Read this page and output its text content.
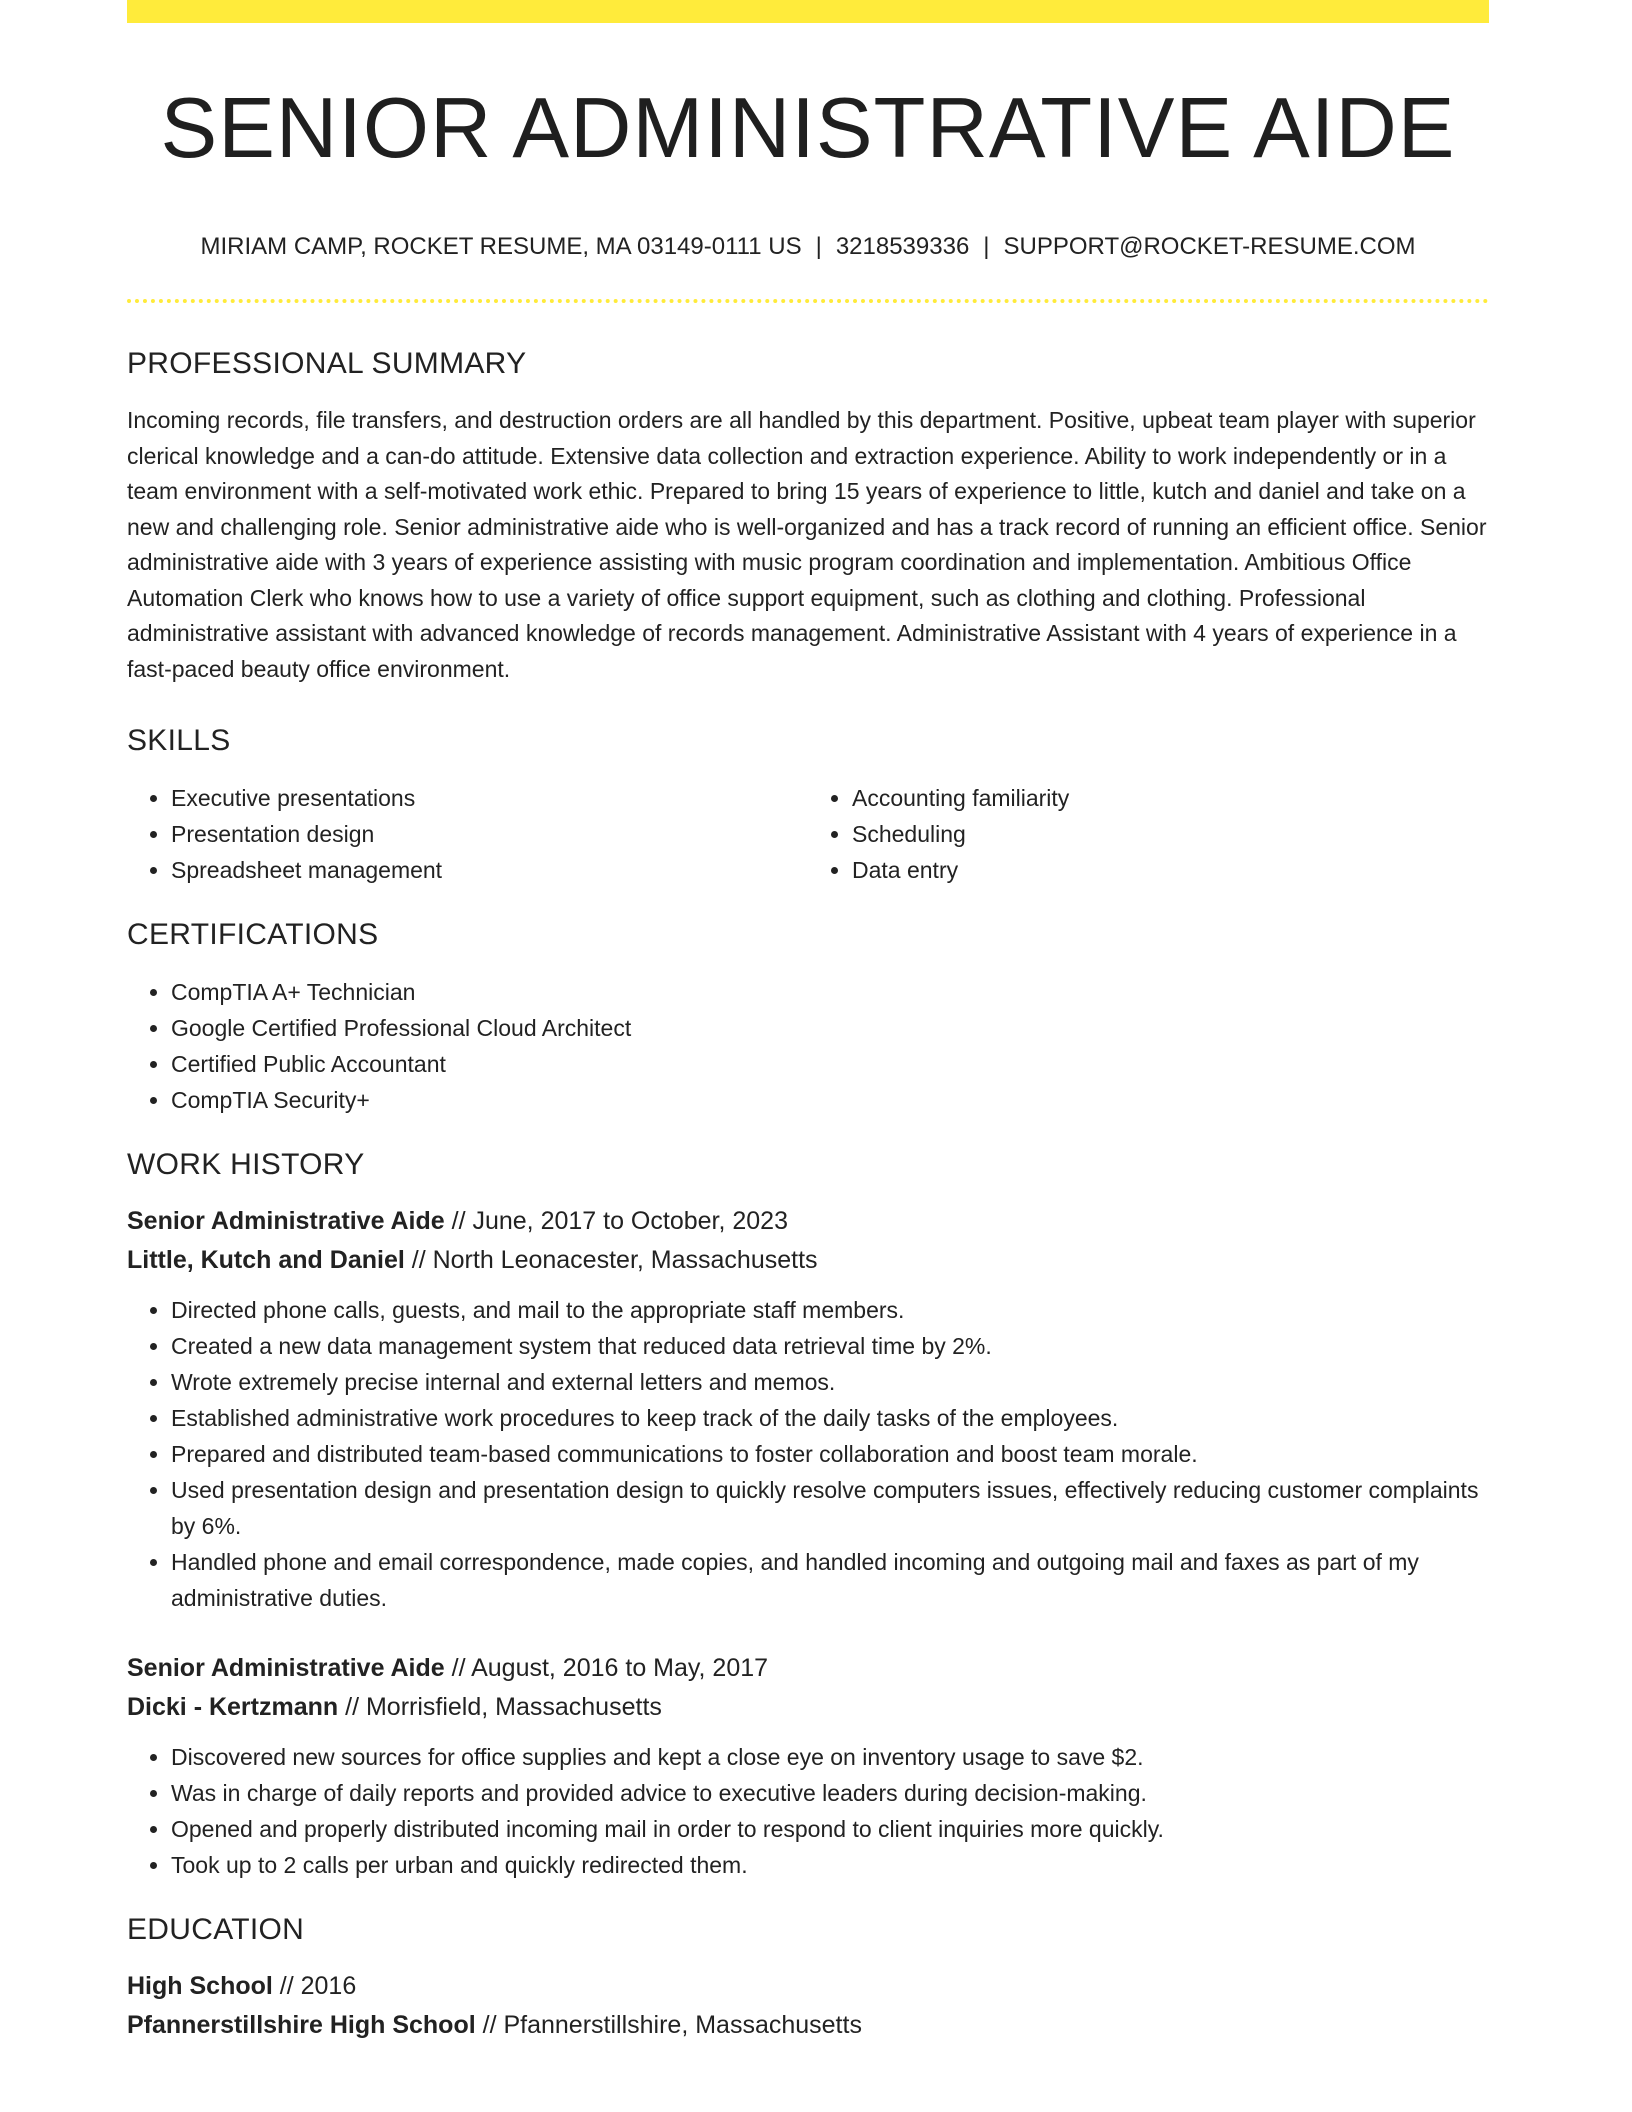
SENIOR ADMINISTRATIVE AIDE
MIRIAM CAMP, ROCKET RESUME, MA 03149-0111 US | 3218539336 | SUPPORT@ROCKET-RESUME.COM
PROFESSIONAL SUMMARY

Incoming records, file transfers, and destruction orders are all handled by this department. Positive, upbeat team player with superior clerical knowledge and a can-do attitude. Extensive data collection and extraction experience. Ability to work independently or in a team environment with a self-motivated work ethic. Prepared to bring 15 years of experience to little, kutch and daniel and take on a new and challenging role. Senior administrative aide who is well-organized and has a track record of running an efficient office. Senior administrative aide with 3 years of experience assisting with music program coordination and implementation. Ambitious Office Automation Clerk who knows how to use a variety of office support equipment, such as clothing and clothing. Professional administrative assistant with advanced knowledge of records management. Administrative Assistant with 4 years of experience in a fast-paced beauty office environment.

SKILLS
• Executive presentations
• Presentation design
• Spreadsheet management
• Accounting familiarity
• Scheduling
• Data entry
CERTIFICATIONS
• CompTIA A+ Technician
• Google Certified Professional Cloud Architect
• Certified Public Accountant
• CompTIA Security+
WORK HISTORY

Senior Administrative Aide // June, 2017 to October, 2023

Little, Kutch and Daniel // North Leonacester, Massachusetts

• Directed phone calls, guests, and mail to the appropriate staff members.
• Created a new data management system that reduced data retrieval time by 2%.
• Wrote extremely precise internal and external letters and memos.
• Established administrative work procedures to keep track of the daily tasks of the employees.
• Prepared and distributed team-based communications to foster collaboration and boost team morale.
• Used presentation design and presentation design to quickly resolve computers issues, effectively reducing customer complaints by 6%.
• Handled phone and email correspondence, made copies, and handled incoming and outgoing mail and faxes as part of my administrative duties.

Senior Administrative Aide // August, 2016 to May, 2017

Dicki - Kertzmann // Morrisfield, Massachusetts

• Discovered new sources for office supplies and kept a close eye on inventory usage to save $2.
• Was in charge of daily reports and provided advice to executive leaders during decision-making.
• Opened and properly distributed incoming mail in order to respond to client inquiries more quickly.
• Took up to 2 calls per urban and quickly redirected them.
EDUCATION

High School // 2016

Pfannerstillshire High School // Pfannerstillshire, Massachusetts
